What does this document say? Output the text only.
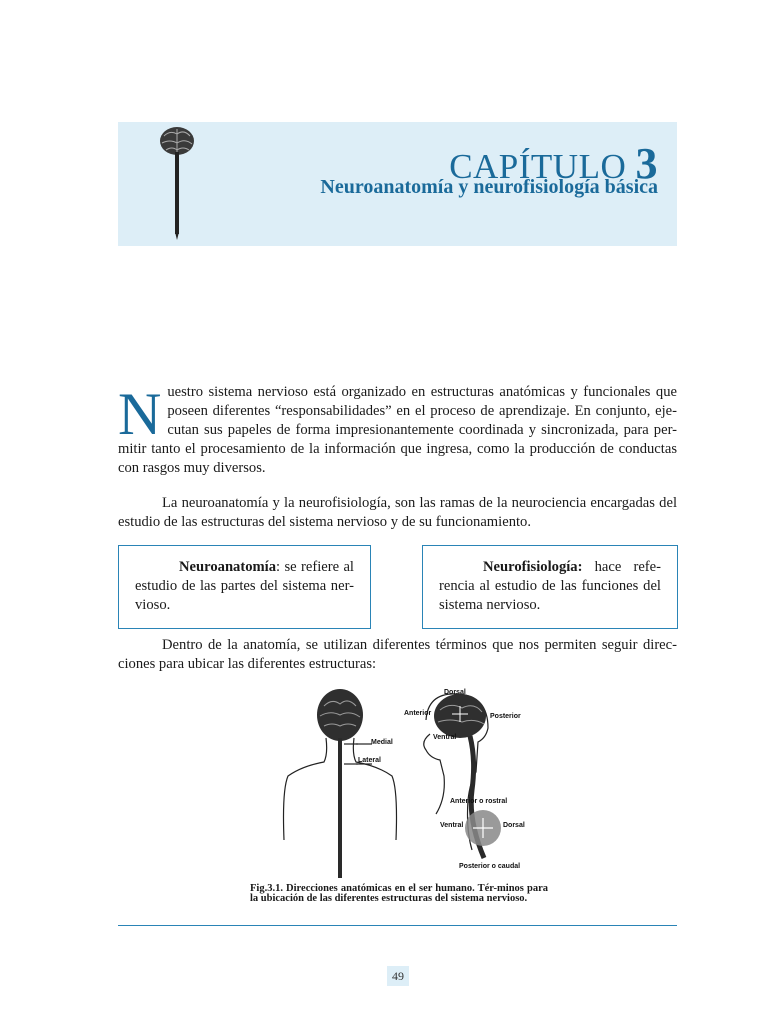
CAPÍTULO 3
Neuroanatomía y neurofisiología básica

Nuestro sistema nervioso está organizado en estructuras anatómicas y funcionales que poseen diferentes “responsabilidades” en el proceso de aprendizaje. En conjunto, eje-cutan sus papeles de forma impresionantemente coordinada y sincronizada, para per-mitir tanto el procesamiento de la información que ingresa, como la producción de conductas con rasgos muy diversos.

La neuroanatomía y la neurofisiología, son las ramas de la neurociencia encargadas del estudio de las estructuras del sistema nervioso y de su funcionamiento.

Neuroanatomía: se refiere al estudio de las partes del sistema ner-vioso.
Neurofisiología: hace refe-rencia al estudio de las funciones del sistema nervioso.

Dentro de la anatomía, se utilizan diferentes términos que nos permiten seguir direc-ciones para ubicar las diferentes estructuras:

Medial
Lateral
Dorsal
Anterior	Posterior
Ventral
Anterior o rostral
Ventral	Dorsal
Posterior o caudal

Fig.3.1. Direcciones anatómicas en el ser humano. Tér-minos para la ubicación de las diferentes estructuras del sistema nervioso.

49
